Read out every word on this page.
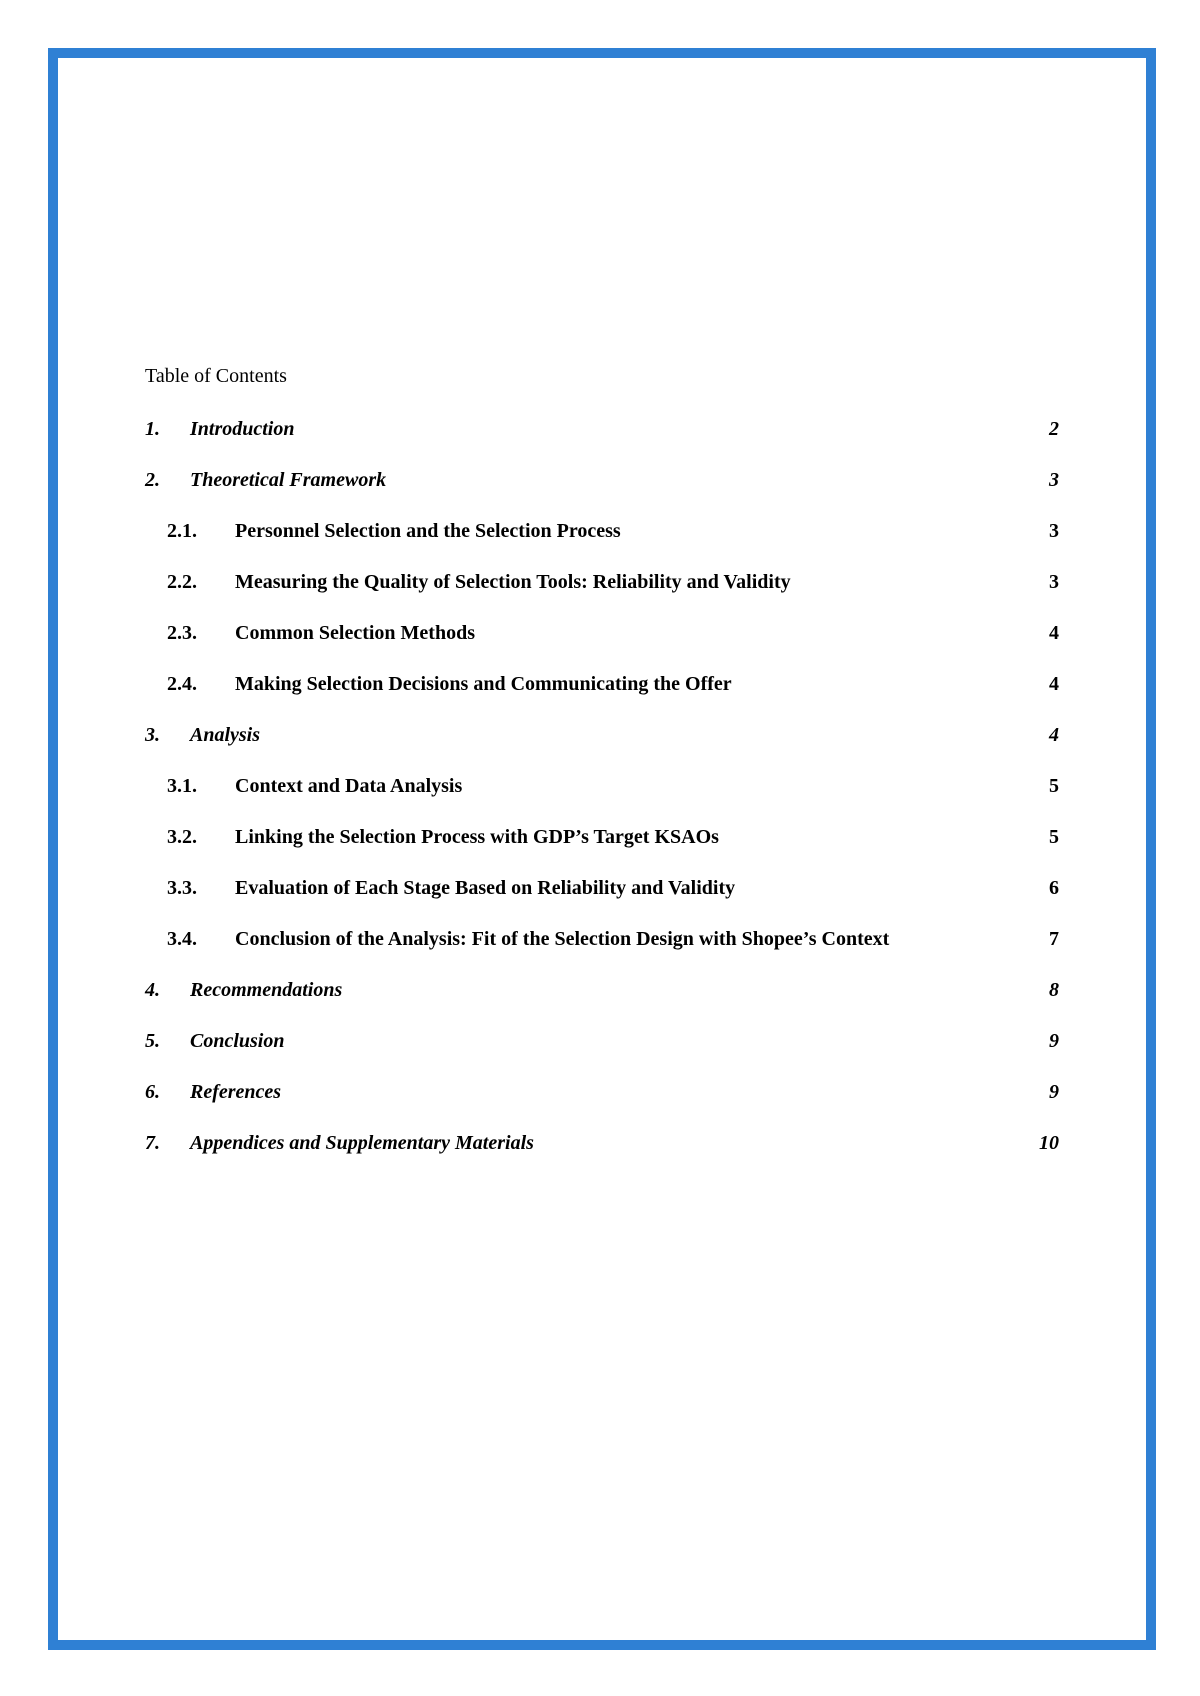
Table of Contents
1.	Introduction	2
2.	Theoretical Framework	3
2.1.	Personnel Selection and the Selection Process	3
2.2.	Measuring the Quality of Selection Tools: Reliability and Validity	3
2.3.	Common Selection Methods	4
2.4.	Making Selection Decisions and Communicating the Offer	4
3.	Analysis	4
3.1.	Context and Data Analysis	5
3.2.	Linking the Selection Process with GDP’s Target KSAOs	5
3.3.	Evaluation of Each Stage Based on Reliability and Validity	6
3.4.	Conclusion of the Analysis: Fit of the Selection Design with Shopee’s Context	7
4.	Recommendations	8
5.	Conclusion	9
6.	References	9
7.	Appendices and Supplementary Materials	10
